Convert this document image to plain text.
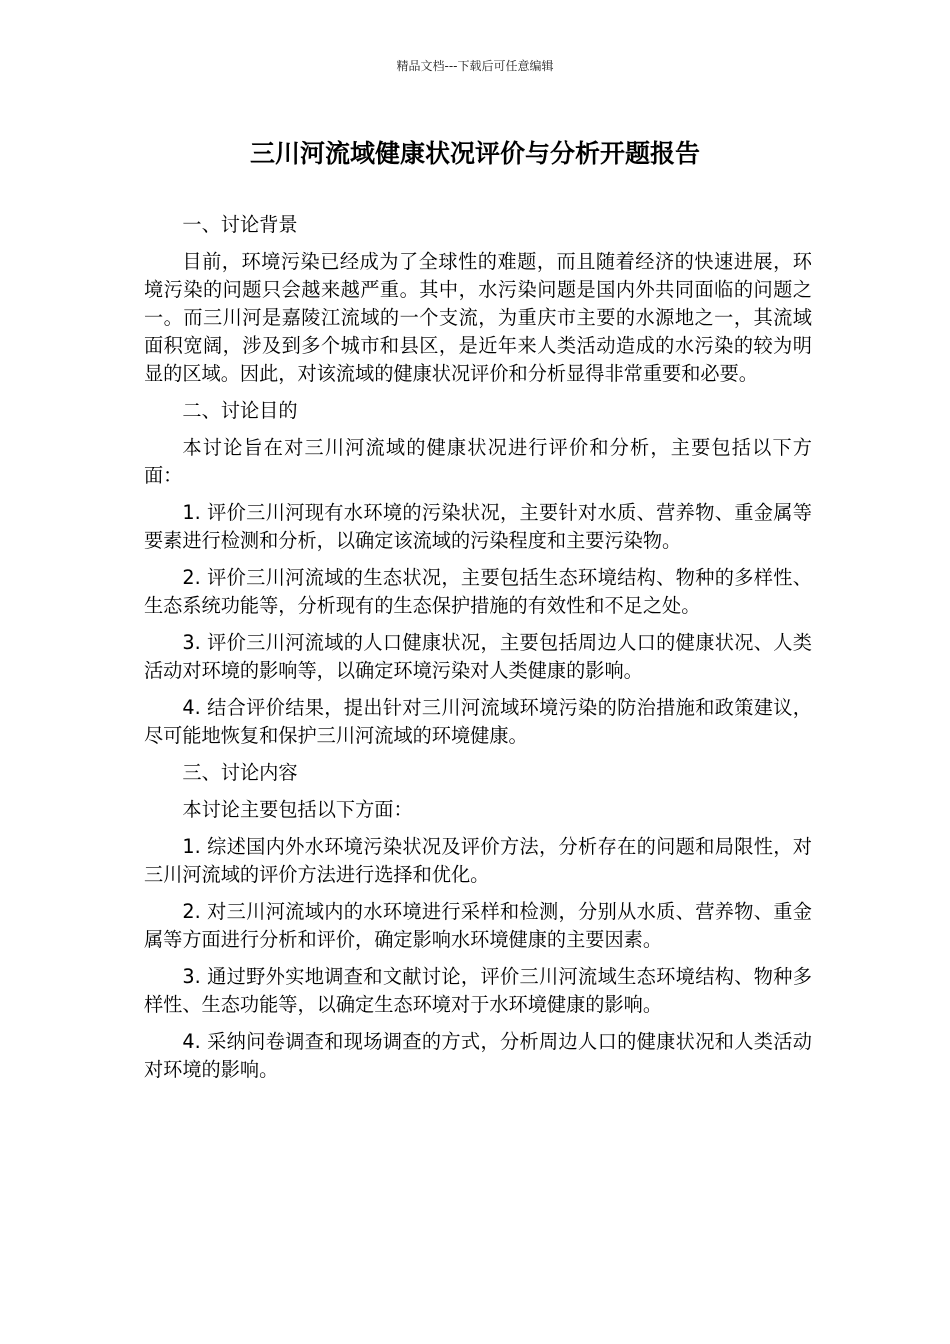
精品文档---下载后可任意编辑
三川河流域健康状况评价与分析开题报告

一、讨论背景

目前，环境污染已经成为了全球性的难题，而且随着经济的快速进展，环境污染的问题只会越来越严重。其中，水污染问题是国内外共同面临的问题之一。而三川河是嘉陵江流域的一个支流，为重庆市主要的水源地之一，其流域面积宽阔，涉及到多个城市和县区，是近年来人类活动造成的水污染的较为明显的区域。因此，对该流域的健康状况评价和分析显得非常重要和必要。

二、讨论目的

本讨论旨在对三川河流域的健康状况进行评价和分析，主要包括以下方面：

1. 评价三川河现有水环境的污染状况，主要针对水质、营养物、重金属等要素进行检测和分析，以确定该流域的污染程度和主要污染物。

2. 评价三川河流域的生态状况，主要包括生态环境结构、物种的多样性、生态系统功能等，分析现有的生态保护措施的有效性和不足之处。

3. 评价三川河流域的人口健康状况，主要包括周边人口的健康状况、人类活动对环境的影响等，以确定环境污染对人类健康的影响。

4. 结合评价结果，提出针对三川河流域环境污染的防治措施和政策建议，尽可能地恢复和保护三川河流域的环境健康。

三、讨论内容

本讨论主要包括以下方面：

1. 综述国内外水环境污染状况及评价方法，分析存在的问题和局限性，对三川河流域的评价方法进行选择和优化。

2. 对三川河流域内的水环境进行采样和检测，分别从水质、营养物、重金属等方面进行分析和评价，确定影响水环境健康的主要因素。

3. 通过野外实地调查和文献讨论，评价三川河流域生态环境结构、物种多样性、生态功能等，以确定生态环境对于水环境健康的影响。

4. 采纳问卷调查和现场调查的方式，分析周边人口的健康状况和人类活动对环境的影响。
